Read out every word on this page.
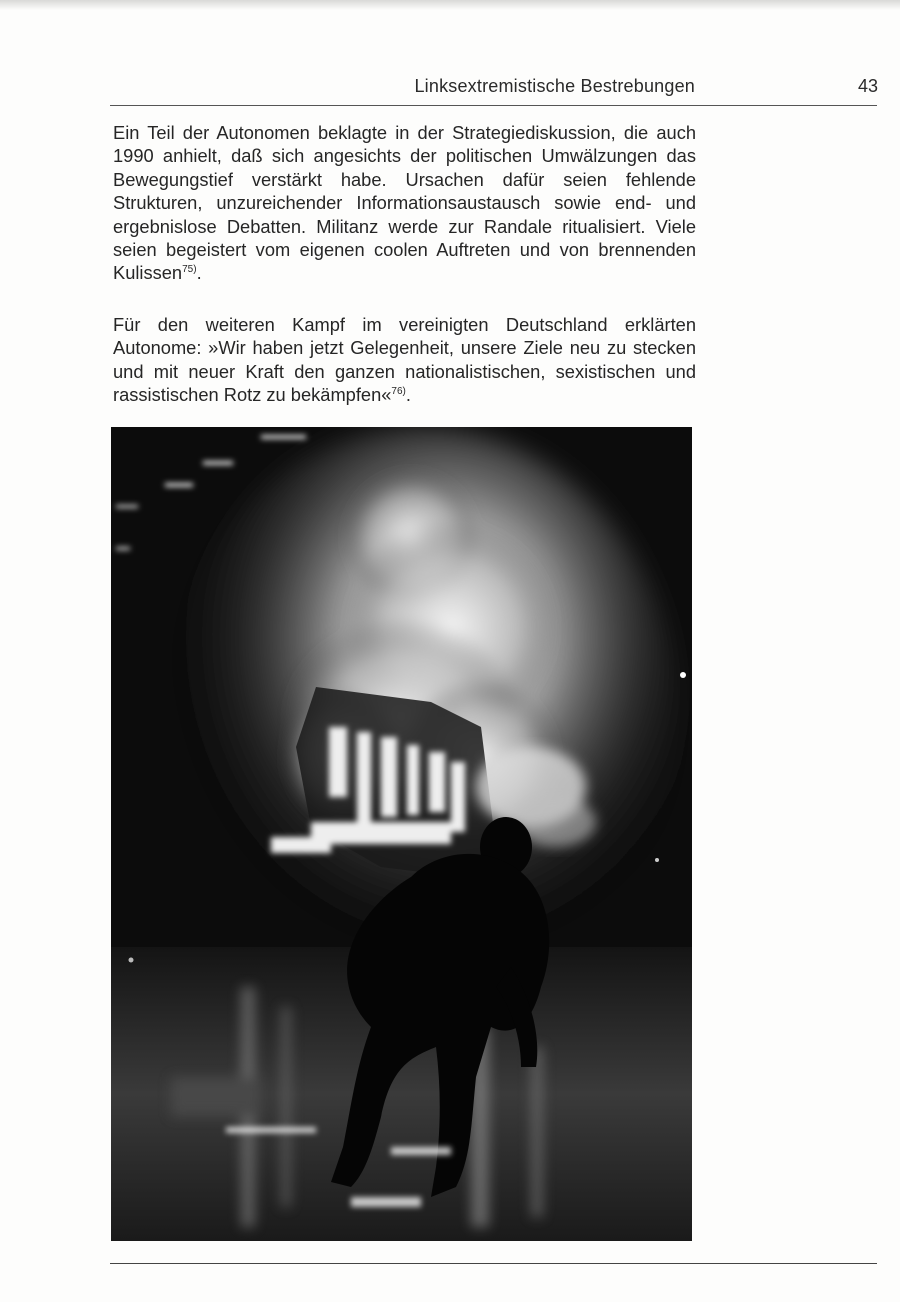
Linksextremistische Bestrebungen	43

Ein Teil der Autonomen beklagte in der Strategiediskussion, die auch 1990 anhielt, daß sich angesichts der politischen Umwälzungen das Bewegungstief verstärkt habe. Ursachen dafür seien fehlende Strukturen, unzureichender Informationsaustausch sowie end- und ergebnislose Debatten. Militanz werde zur Randale ritualisiert. Viele seien begeistert vom eigenen coolen Auftreten und von brennenden Kulissen$^{75)}$.

Für den weiteren Kampf im vereinigten Deutschland erklärten Autonome: »Wir haben jetzt Gelegenheit, unsere Ziele neu zu stecken und mit neuer Kraft den ganzen nationalistischen, sexistischen und rassistischen Rotz zu bekämpfen«$^{76)}$.
